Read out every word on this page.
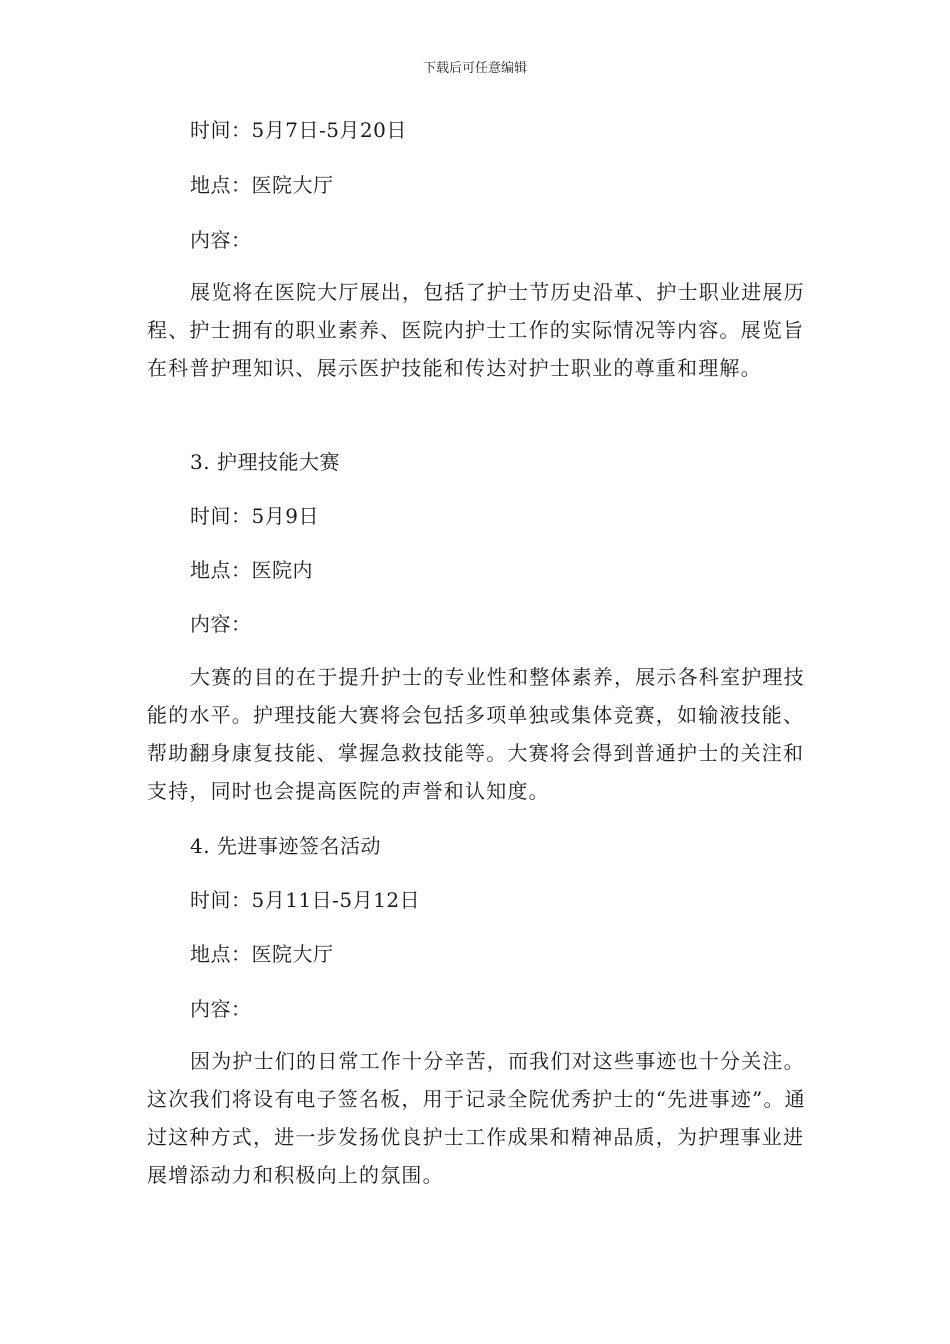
下载后可任意编辑
时间：5月7日-5月20日
地点：医院大厅
内容：

展览将在医院大厅展出，包括了护士节历史沿革、护士职业进展历程、护士拥有的职业素养、医院内护士工作的实际情况等内容。展览旨在科普护理知识、展示医护技能和传达对护士职业的尊重和理解。

3. 护理技能大赛
时间：5月9日
地点：医院内
内容：

大赛的目的在于提升护士的专业性和整体素养，展示各科室护理技能的水平。护理技能大赛将会包括多项单独或集体竞赛，如输液技能、帮助翻身康复技能、掌握急救技能等。大赛将会得到普通护士的关注和支持，同时也会提高医院的声誉和认知度。

4. 先进事迹签名活动
时间：5月11日-5月12日
地点：医院大厅
内容：

因为护士们的日常工作十分辛苦，而我们对这些事迹也十分关注。这次我们将设有电子签名板，用于记录全院优秀护士的“先进事迹”。通过这种方式，进一步发扬优良护士工作成果和精神品质，为护理事业进展增添动力和积极向上的氛围。
